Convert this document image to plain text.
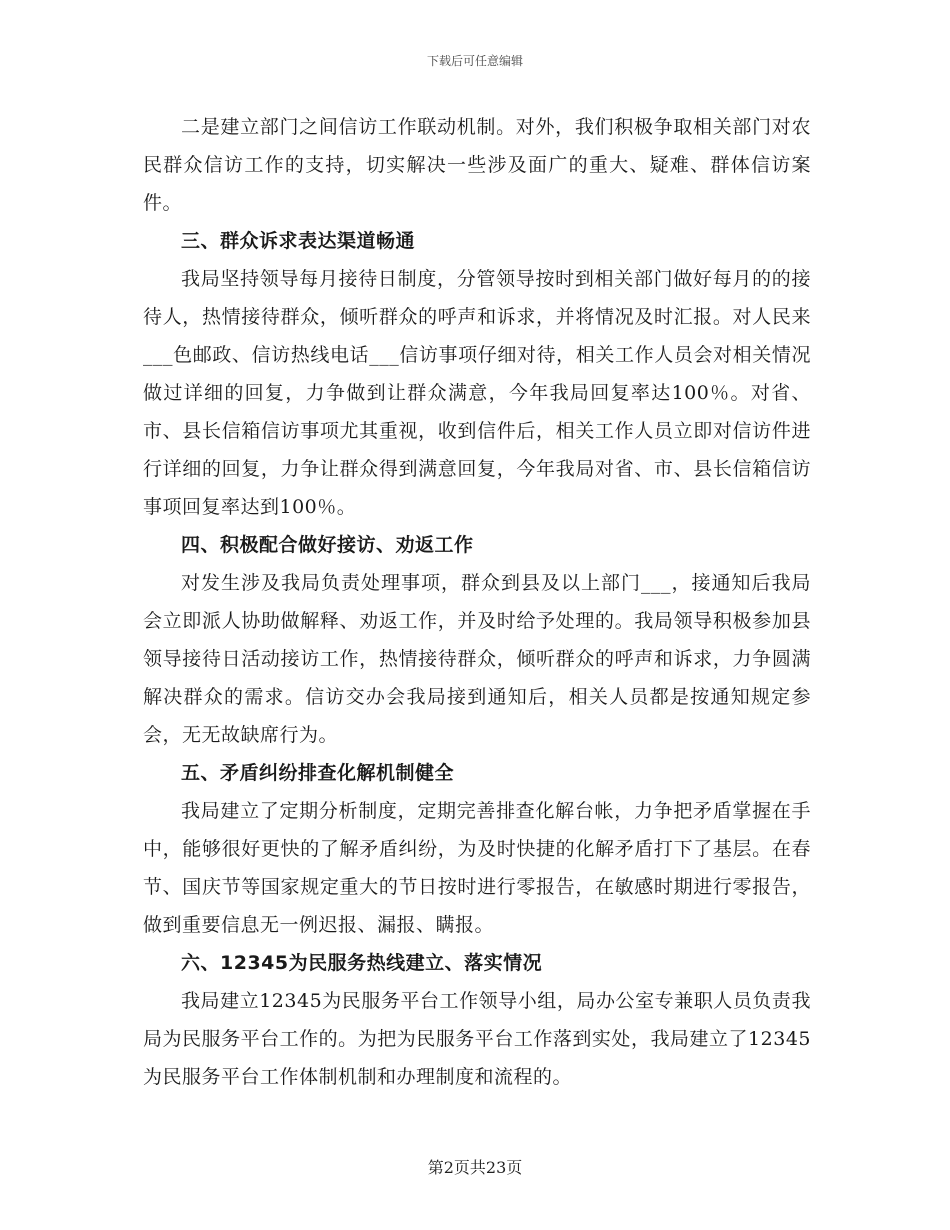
下载后可任意编辑

二是建立部门之间信访工作联动机制。对外，我们积极争取相关部门对农民群众信访工作的支持，切实解决一些涉及面广的重大、疑难、群体信访案件。

三、群众诉求表达渠道畅通

我局坚持领导每月接待日制度，分管领导按时到相关部门做好每月的的接待人，热情接待群众，倾听群众的呼声和诉求，并将情况及时汇报。对人民来___色邮政、信访热线电话___信访事项仔细对待，相关工作人员会对相关情况做过详细的回复，力争做到让群众满意，今年我局回复率达100％。对省、市、县长信箱信访事项尤其重视，收到信件后，相关工作人员立即对信访件进行详细的回复，力争让群众得到满意回复，今年我局对省、市、县长信箱信访事项回复率达到100％。

四、积极配合做好接访、劝返工作

对发生涉及我局负责处理事项，群众到县及以上部门___，接通知后我局会立即派人协助做解释、劝返工作，并及时给予处理的。我局领导积极参加县领导接待日活动接访工作，热情接待群众，倾听群众的呼声和诉求，力争圆满解决群众的需求。信访交办会我局接到通知后，相关人员都是按通知规定参会，无无故缺席行为。

五、矛盾纠纷排查化解机制健全

我局建立了定期分析制度，定期完善排查化解台帐，力争把矛盾掌握在手中，能够很好更快的了解矛盾纠纷，为及时快捷的化解矛盾打下了基层。在春节、国庆节等国家规定重大的节日按时进行零报告，在敏感时期进行零报告，做到重要信息无一例迟报、漏报、瞒报。

六、12345为民服务热线建立、落实情况

我局建立12345为民服务平台工作领导小组，局办公室专兼职人员负责我局为民服务平台工作的。为把为民服务平台工作落到实处，我局建立了12345为民服务平台工作体制机制和办理制度和流程的。

第2页共23页
